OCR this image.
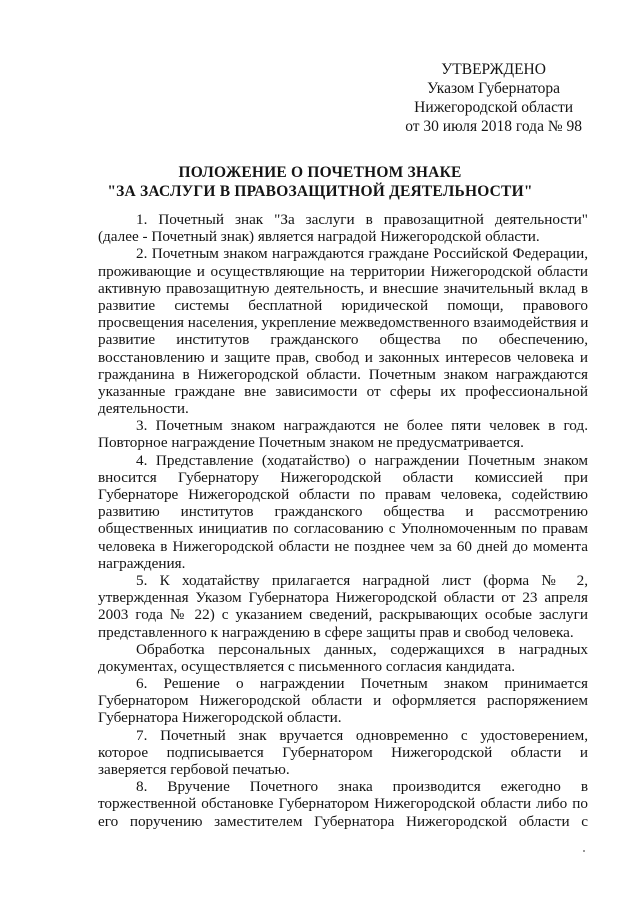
УТВЕРЖДЕНО
Указом Губернатора
Нижегородской области
от 30 июля 2018 года № 98
ПОЛОЖЕНИЕ О ПОЧЕТНОМ ЗНАКЕ
"ЗА ЗАСЛУГИ В ПРАВОЗАЩИТНОЙ ДЕЯТЕЛЬНОСТИ"
1. Почетный знак "За заслуги в правозащитной деятельности"
(далее - Почетный знак) является наградой Нижегородской области.
2. Почетным знаком награждаются граждане Российской Федерации,
проживающие и осуществляющие на территории Нижегородской области
активную правозащитную деятельность, и внесшие значительный вклад в
развитие системы бесплатной юридической помощи, правового
просвещения населения, укрепление межведомственного взаимодействия и
развитие институтов гражданского общества по обеспечению,
восстановлению и защите прав, свобод и законных интересов человека и
гражданина в Нижегородской области. Почетным знаком награждаются
указанные граждане вне зависимости от сферы их профессиональной
деятельности.
3. Почетным знаком награждаются не более пяти человек в год.
Повторное награждение Почетным знаком не предусматривается.
4. Представление (ходатайство) о награждении Почетным знаком
вносится Губернатору Нижегородской области комиссией при
Губернаторе Нижегородской области по правам человека, содействию
развитию институтов гражданского общества и рассмотрению
общественных инициатив по согласованию с Уполномоченным по правам
человека в Нижегородской области не позднее чем за 60 дней до момента
награждения.
5. К ходатайству прилагается наградной лист (форма № 2,
утвержденная Указом Губернатора Нижегородской области от 23 апреля
2003 года № 22) с указанием сведений, раскрывающих особые заслуги
представленного к награждению в сфере защиты прав и свобод человека.
Обработка персональных данных, содержащихся в наградных
документах, осуществляется с письменного согласия кандидата.
6. Решение о награждении Почетным знаком принимается
Губернатором Нижегородской области и оформляется распоряжением
Губернатора Нижегородской области.
7. Почетный знак вручается одновременно с удостоверением,
которое подписывается Губернатором Нижегородской области и
заверяется гербовой печатью.
8. Вручение Почетного знака производится ежегодно в
торжественной обстановке Губернатором Нижегородской области либо по
его поручению заместителем Губернатора Нижегородской области с
